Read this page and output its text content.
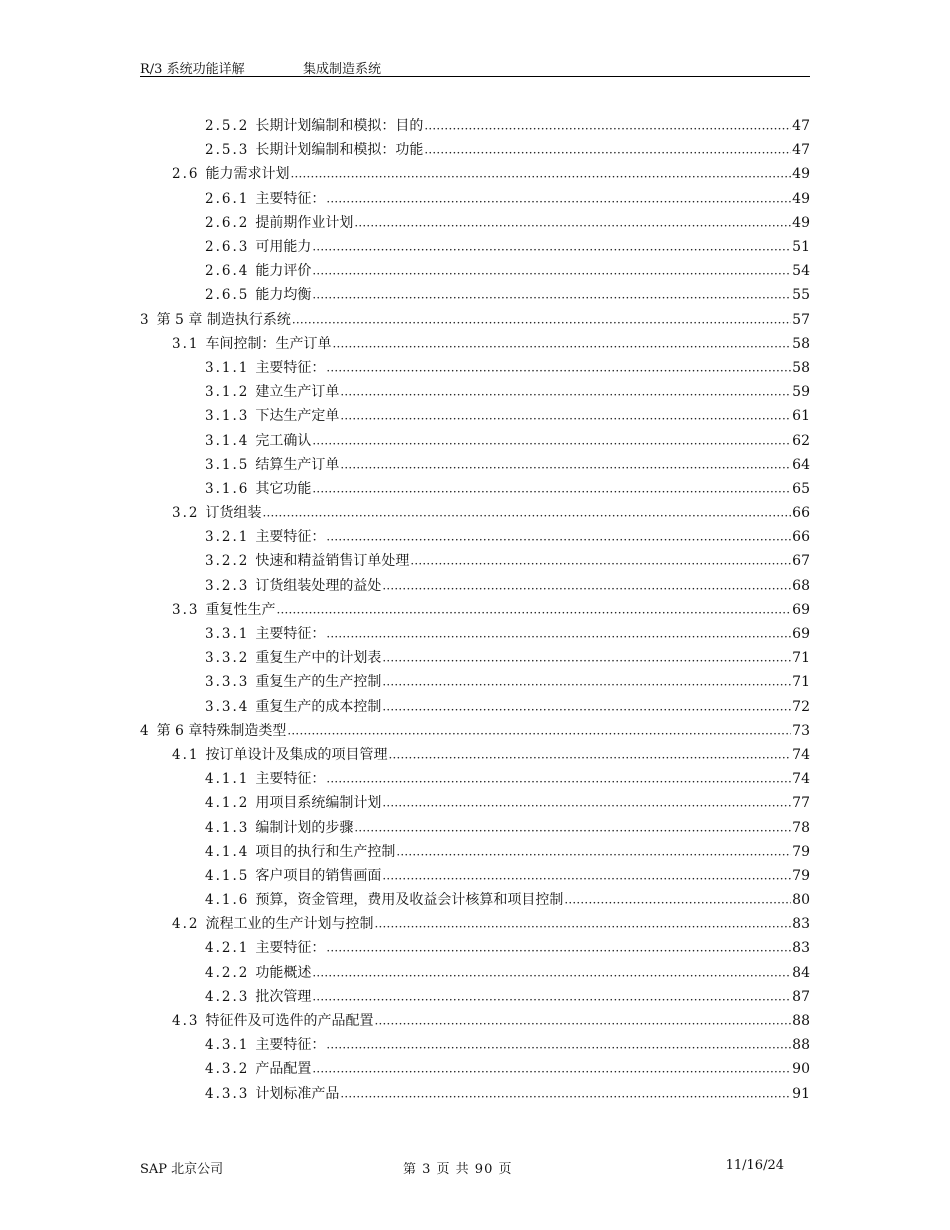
R/3 系统功能详解	集成制造系统
2.5.2 长期计划编制和模拟：目的 ·····	47
2.5.3 长期计划编制和模拟：功能 ·····	47
2.6 能力需求计划 ·····	49
2.6.1 主要特征： ·····	49
2.6.2 提前期作业计划 ·····	49
2.6.3 可用能力 ·····	51
2.6.4 能力评价 ·····	54
2.6.5 能力均衡 ·····	55
3 第 5 章 制造执行系统 ·····	57
3.1 车间控制：生产订单 ·····	58
3.1.1 主要特征： ·····	58
3.1.2 建立生产订单 ·····	59
3.1.3 下达生产定单 ·····	61
3.1.4 完工确认 ·····	62
3.1.5 结算生产订单 ·····	64
3.1.6 其它功能 ·····	65
3.2 订货组装 ·····	66
3.2.1 主要特征： ·····	66
3.2.2 快速和精益销售订单处理 ·····	67
3.2.3 订货组装处理的益处 ·····	68
3.3 重复性生产 ·····	69
3.3.1 主要特征： ·····	69
3.3.2 重复生产中的计划表 ·····	71
3.3.3 重复生产的生产控制 ·····	71
3.3.4 重复生产的成本控制 ·····	72
4 第 6 章特殊制造类型 ·····	73
4.1 按订单设计及集成的项目管理 ·····	74
4.1.1 主要特征： ·····	74
4.1.2 用项目系统编制计划 ·····	77
4.1.3 编制计划的步骤 ·····	78
4.1.4 项目的执行和生产控制 ·····	79
4.1.5 客户项目的销售画面 ·····	79
4.1.6 预算，资金管理，费用及收益会计核算和项目控制 ·····	80
4.2 流程工业的生产计划与控制 ·····	83
4.2.1 主要特征： ·····	83
4.2.2 功能概述 ·····	84
4.2.3 批次管理 ·····	87
4.3 特征件及可选件的产品配置 ·····	88
4.3.1 主要特征： ·····	88
4.3.2 产品配置 ·····	90
4.3.3 计划标准产品 ·····	91
SAP 北京公司	第 3 页 共 90 页	11/16/24
